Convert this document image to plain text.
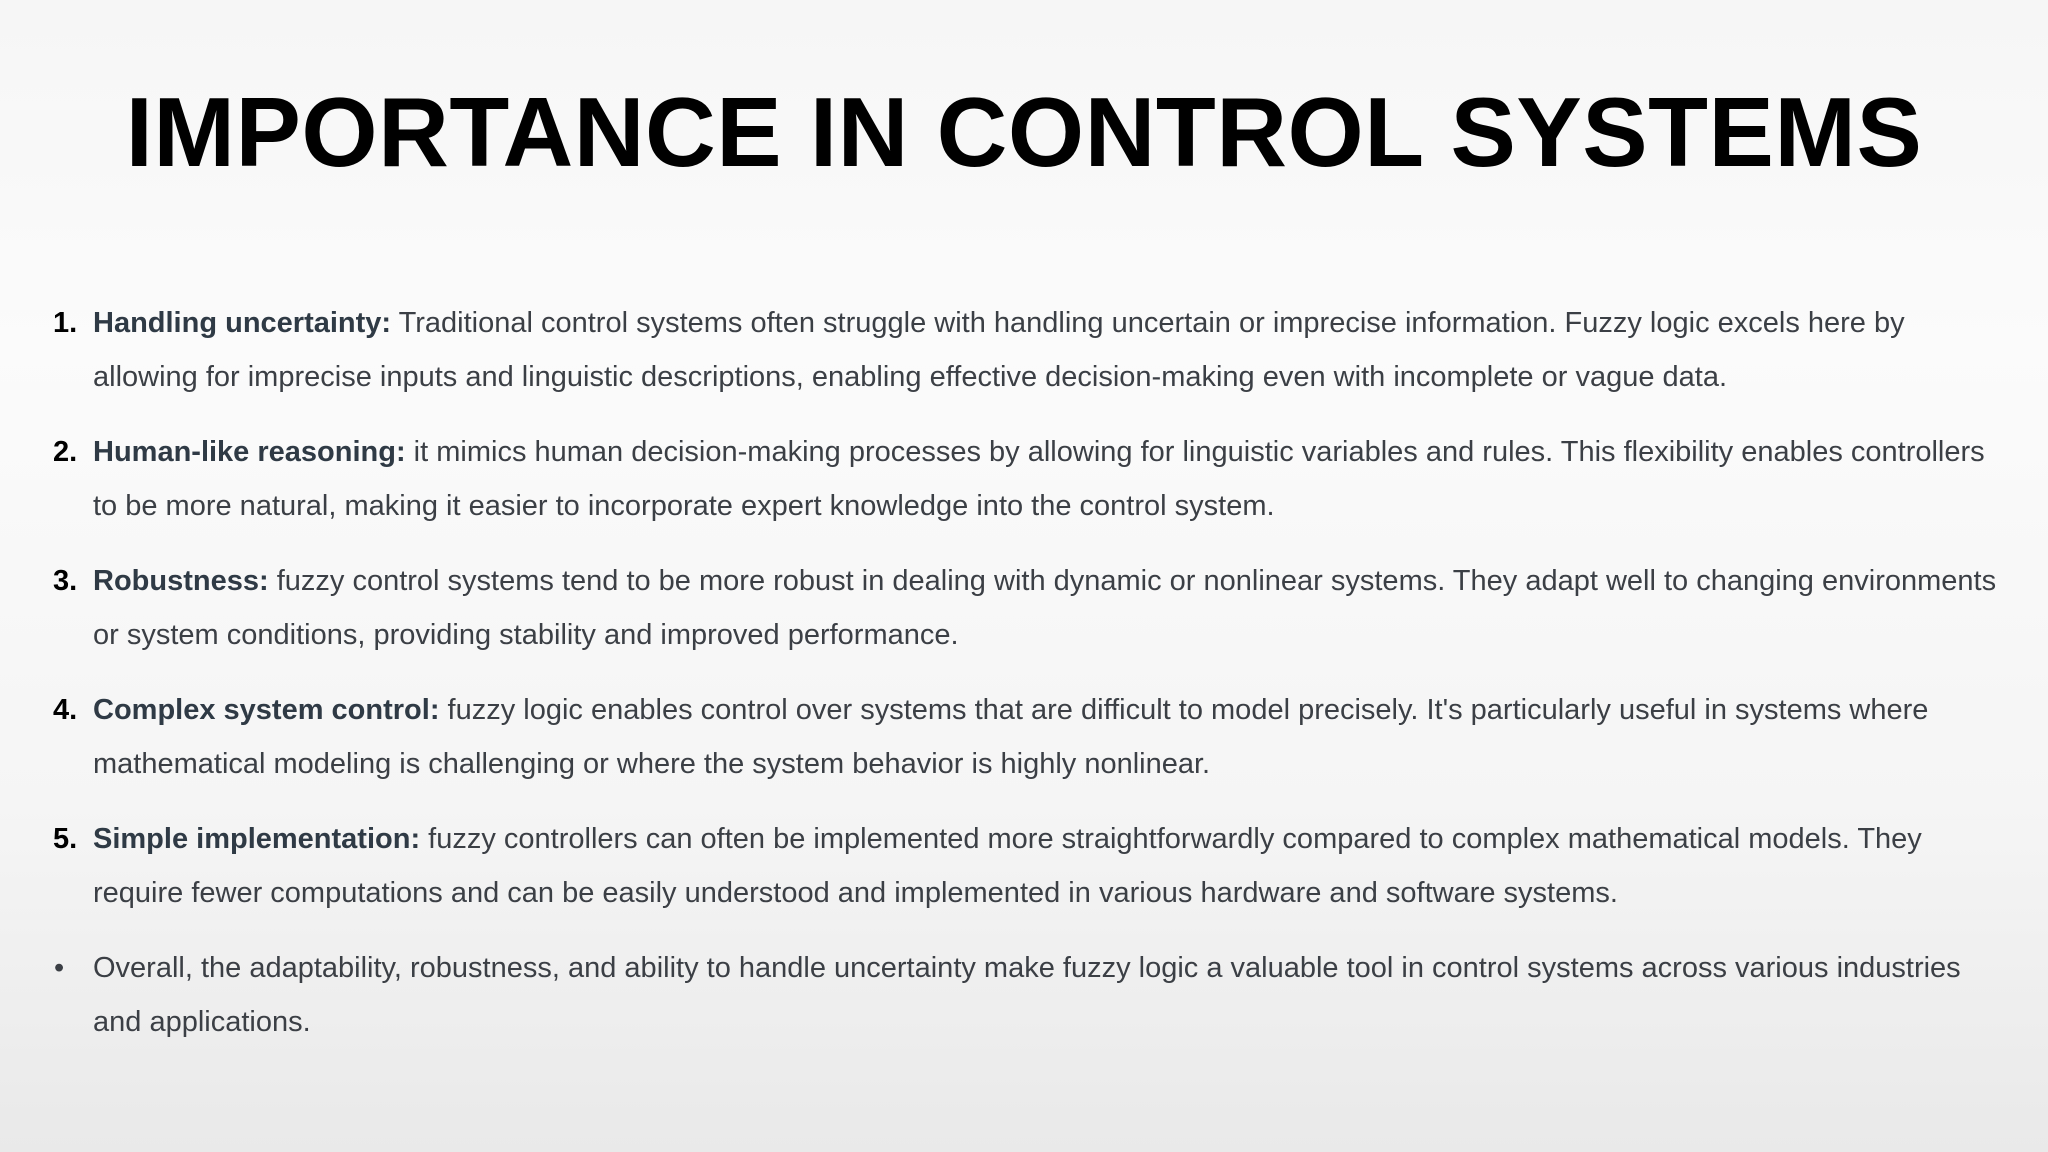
IMPORTANCE IN CONTROL SYSTEMS
1. Handling uncertainty: Traditional control systems often struggle with handling uncertain or imprecise information. Fuzzy logic excels here by allowing for imprecise inputs and linguistic descriptions, enabling effective decision-making even with incomplete or vague data.
2. Human-like reasoning: it mimics human decision-making processes by allowing for linguistic variables and rules. This flexibility enables controllers to be more natural, making it easier to incorporate expert knowledge into the control system.
3. Robustness: fuzzy control systems tend to be more robust in dealing with dynamic or nonlinear systems. They adapt well to changing environments or system conditions, providing stability and improved performance.
4. Complex system control: fuzzy logic enables control over systems that are difficult to model precisely. It's particularly useful in systems where mathematical modeling is challenging or where the system behavior is highly nonlinear.
5. Simple implementation: fuzzy controllers can often be implemented more straightforwardly compared to complex mathematical models. They require fewer computations and can be easily understood and implemented in various hardware and software systems.
• Overall, the adaptability, robustness, and ability to handle uncertainty make fuzzy logic a valuable tool in control systems across various industries and applications.
